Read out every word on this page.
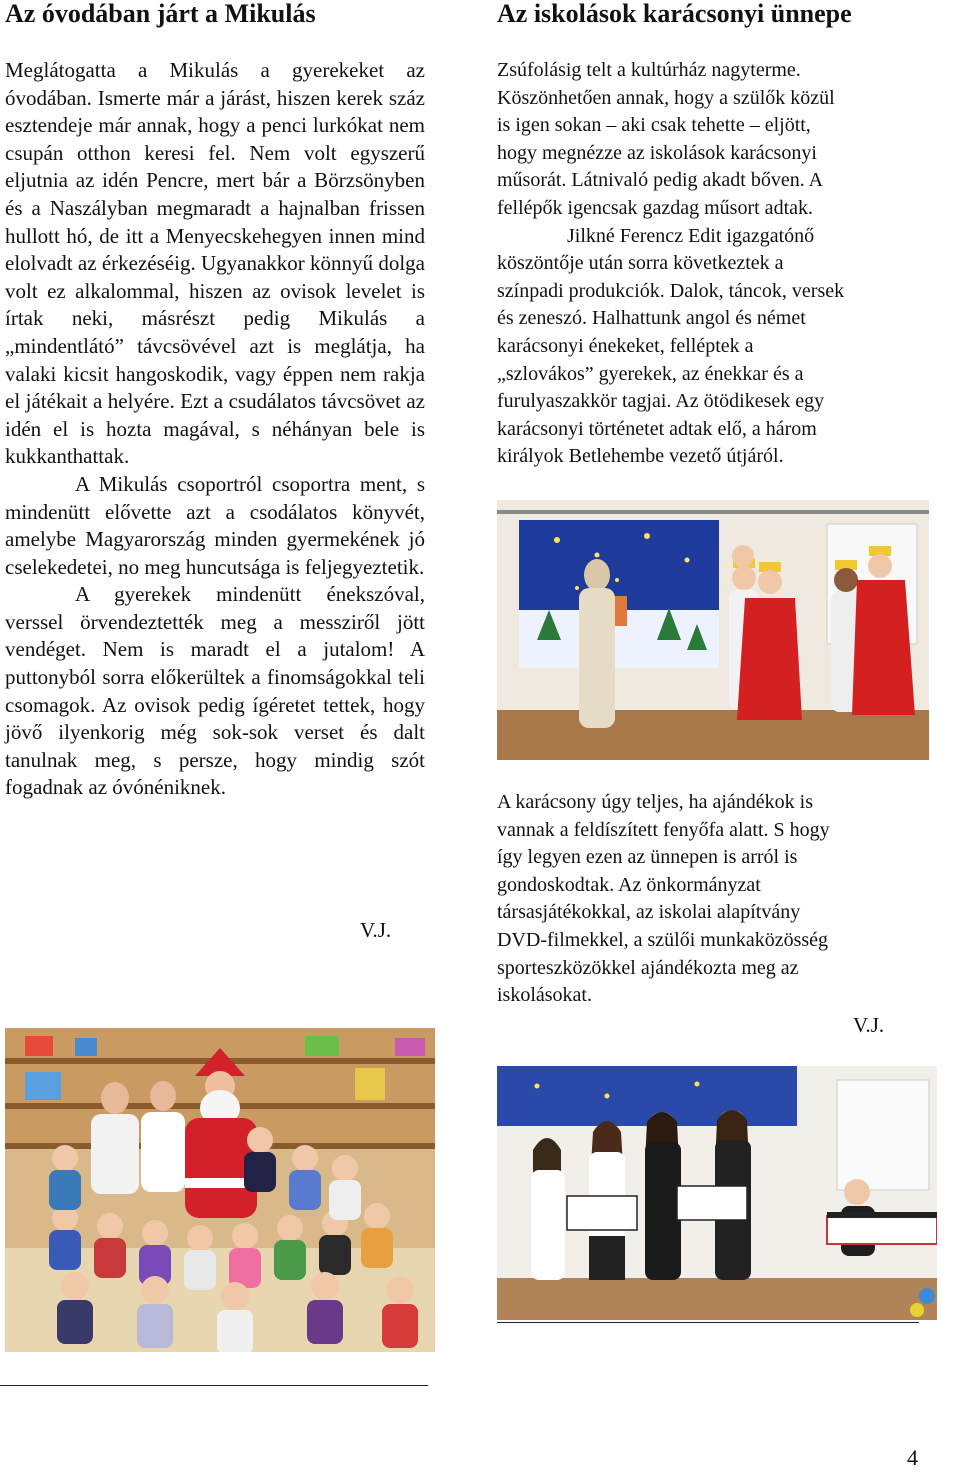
Az óvodában járt a Mikulás

Meglátogatta a Mikulás a gyerekeket az óvodában. Ismerte már a járást, hiszen kerek száz esztendeje már annak, hogy a penci lurkókat nem csupán otthon keresi fel. Nem volt egyszerű eljutnia az idén Pencre, mert bár a Börzsönyben és a Naszályban megmaradt a hajnalban frissen hullott hó, de itt a Menyecskehegyen innen mind elolvadt az érkezéséig. Ugyanakkor könnyű dolga volt ez alkalommal, hiszen az ovisok levelet is írtak neki, másrészt pedig Mikulás a „mindentlátó” távcsövével azt is meglátja, ha valaki kicsit hangoskodik, vagy éppen nem rakja el játékait a helyére. Ezt a csudálatos távcsövet az idén el is hozta magával, s néhányan bele is kukkanthattak.

A Mikulás csoportról csoportra ment, s mindenütt elővette azt a csodálatos könyvét, amelybe Magyarország minden gyermekének jó cselekedetei, no meg huncutsága is feljegyeztetik.

A gyerekek mindenütt énekszóval, verssel örvendeztették meg a messziről jött vendéget. Nem is maradt el a jutalom! A puttonyból sorra előkerültek a finomságokkal teli csomagok. Az ovisok pedig ígéretet tettek, hogy jövő ilyenkorig még sok-sok verset és dalt tanulnak meg, s persze, hogy mindig szót fogadnak az óvónéniknek.

V.J.
Az iskolások karácsonyi ünnepe

Zsúfolásig telt a kultúrház nagyterme.

Köszönhetően annak, hogy a szülők közül

is igen sokan – aki csak tehette – eljött,

hogy megnézze az iskolások karácsonyi

műsorát. Látnivaló pedig akadt bőven. A

fellépők igencsak gazdag műsort adtak.

Jilkné Ferencz Edit igazgatónő

köszöntője után sorra következtek a

színpadi produkciók. Dalok, táncok, versek

és zeneszó. Halhattunk angol és német

karácsonyi énekeket, felléptek a

„szlovákos” gyerekek, az énekkar és a

furulyaszakkör tagjai. Az ötödikesek egy

karácsonyi történetet adtak elő, a három

királyok Betlehembe vezető útjáról.

A karácsony úgy teljes, ha ajándékok is

vannak a feldíszített fenyőfa alatt. S hogy

így legyen ezen az ünnepen is arról is

gondoskodtak. Az önkormányzat

társasjátékokkal, az iskolai alapítvány

DVD-filmekkel, a szülői munkaközösség

sporteszközökkel ajándékozta meg az

iskolásokat.

V.J.
4
